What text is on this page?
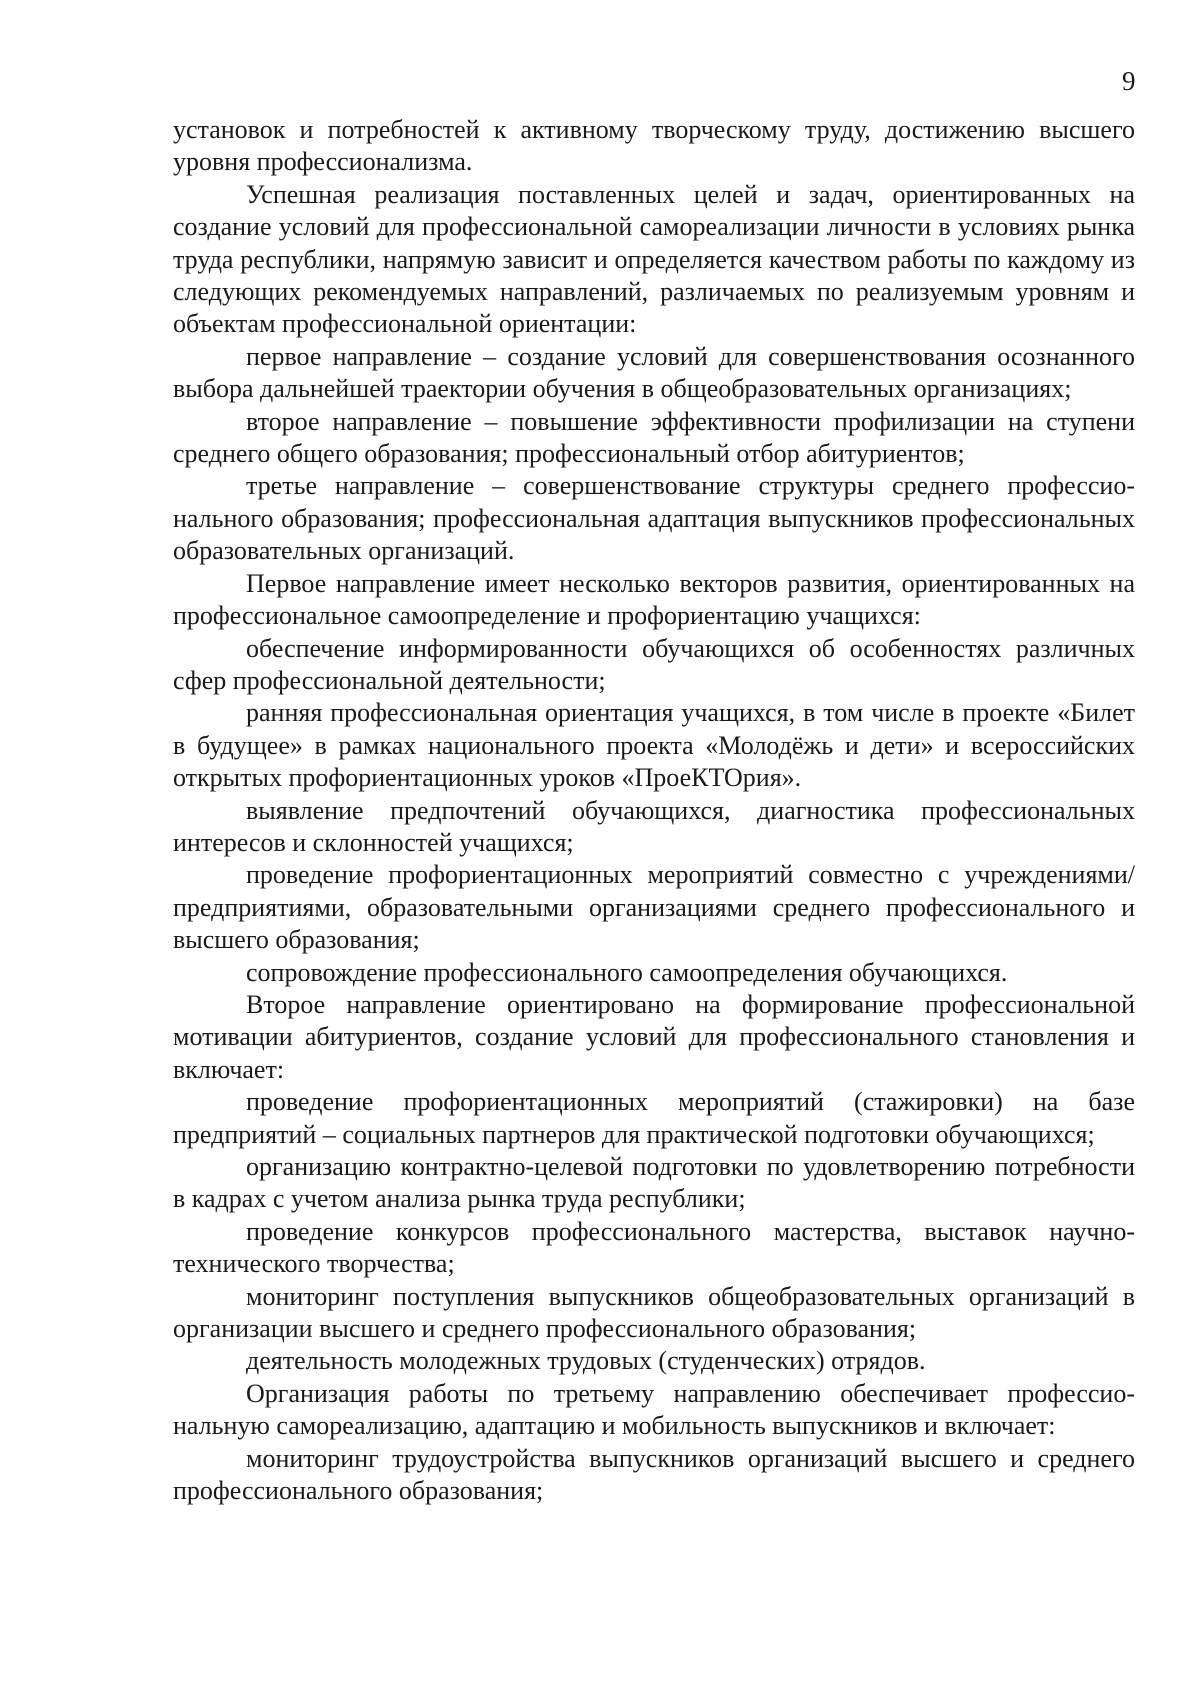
9

установок и потребностей к активному творческому труду, достижению высшего уровня профессионализма.

Успешная реализация поставленных целей и задач, ориентированных на создание условий для профессиональной самореализации личности в условиях рынка труда республики, напрямую зависит и определяется качеством работы по каждому из следующих рекомендуемых направлений, различаемых по реализуемым уровням и объектам профессиональной ориентации:

первое направление – создание условий для совершенствования осознанного выбора дальнейшей траектории обучения в общеобразовательных организациях;

второе направление – повышение эффективности профилизации на ступени среднего общего образования; профессиональный отбор абитуриентов;

третье направление – совершенствование структуры среднего профессионального образования; профессиональная адаптация выпускников профессиональных образовательных организаций.

Первое направление имеет несколько векторов развития, ориентированных на профессиональное самоопределение и профориентацию учащихся:

обеспечение информированности обучающихся об особенностях различных сфер профессиональной деятельности;

ранняя профессиональная ориентация учащихся, в том числе в проекте «Билет в будущее» в рамках национального проекта «Молодёжь и дети» и всероссийских открытых профориентационных уроков «ПроеКТОрия».

выявление предпочтений обучающихся, диагностика профессиональных интересов и склонностей учащихся;

проведение профориентационных мероприятий совместно с учреждениями/предприятиями, образовательными организациями среднего профессионального и высшего образования;

сопровождение профессионального самоопределения обучающихся.

Второе направление ориентировано на формирование профессиональной мотивации абитуриентов, создание условий для профессионального становления и включает:

проведение профориентационных мероприятий (стажировки) на базе предприятий – социальных партнеров для практической подготовки обучающихся;

организацию контрактно-целевой подготовки по удовлетворению потребности в кадрах с учетом анализа рынка труда республики;

проведение конкурсов профессионального мастерства, выставок научно-технического творчества;

мониторинг поступления выпускников общеобразовательных организаций в организации высшего и среднего профессионального образования;

деятельность молодежных трудовых (студенческих) отрядов.

Организация работы по третьему направлению обеспечивает профессиональную самореализацию, адаптацию и мобильность выпускников и включает:

мониторинг трудоустройства выпускников организаций высшего и среднего профессионального образования;
